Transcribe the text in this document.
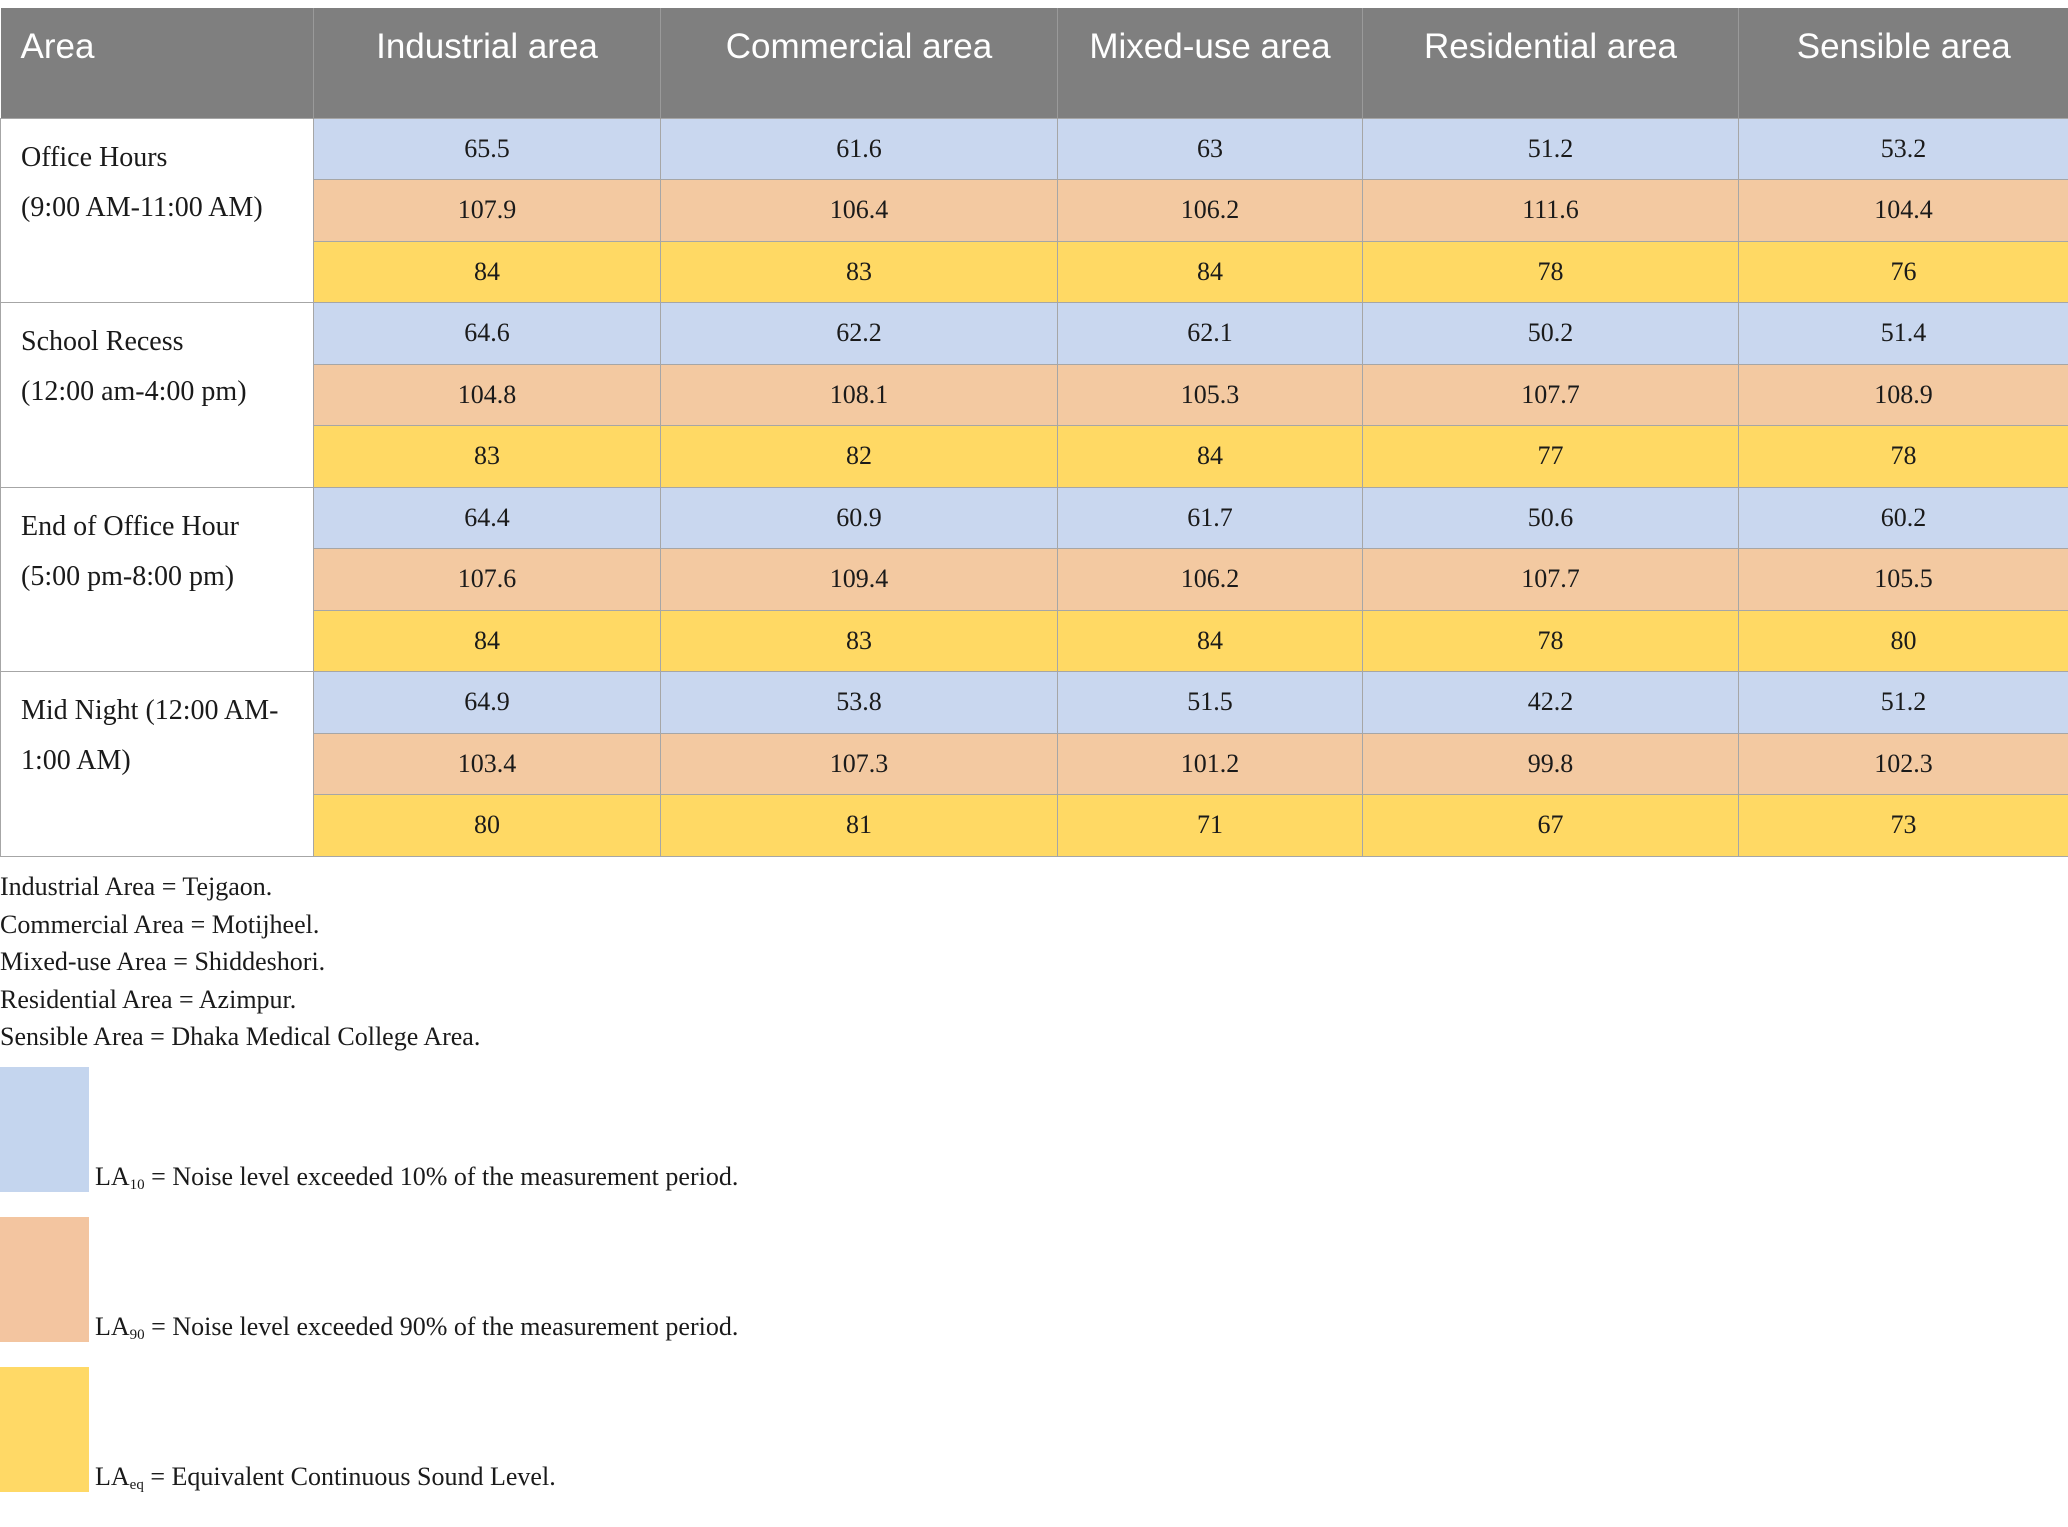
Area	Industrial area	Commercial area	Mixed-use area	Residential area	Sensible area

Office Hours
(9:00 AM-11:00 AM)	65.5	61.6	63	51.2	53.2
	107.9	106.4	106.2	111.6	104.4
	84	83	84	78	76

School Recess
(12:00 am-4:00 pm)	64.6	62.2	62.1	50.2	51.4
	104.8	108.1	105.3	107.7	108.9
	83	82	84	77	78

End of Office Hour
(5:00 pm-8:00 pm)	64.4	60.9	61.7	50.6	60.2
	107.6	109.4	106.2	107.7	105.5
	84	83	84	78	80

Mid Night (12:00 AM-
1:00 AM)	64.9	53.8	51.5	42.2	51.2
	103.4	107.3	101.2	99.8	102.3
	80	81	71	67	73
Industrial Area = Tejgaon.
Commercial Area = Motijheel.
Mixed-use Area = Shiddeshori.
Residential Area = Azimpur.
Sensible Area = Dhaka Medical College Area.
$LA_{10}$ = Noise level exceeded 10% of the measurement period.
$LA_{90}$ = Noise level exceeded 90% of the measurement period.
$LA_{eq}$ = Equivalent Continuous Sound Level.
